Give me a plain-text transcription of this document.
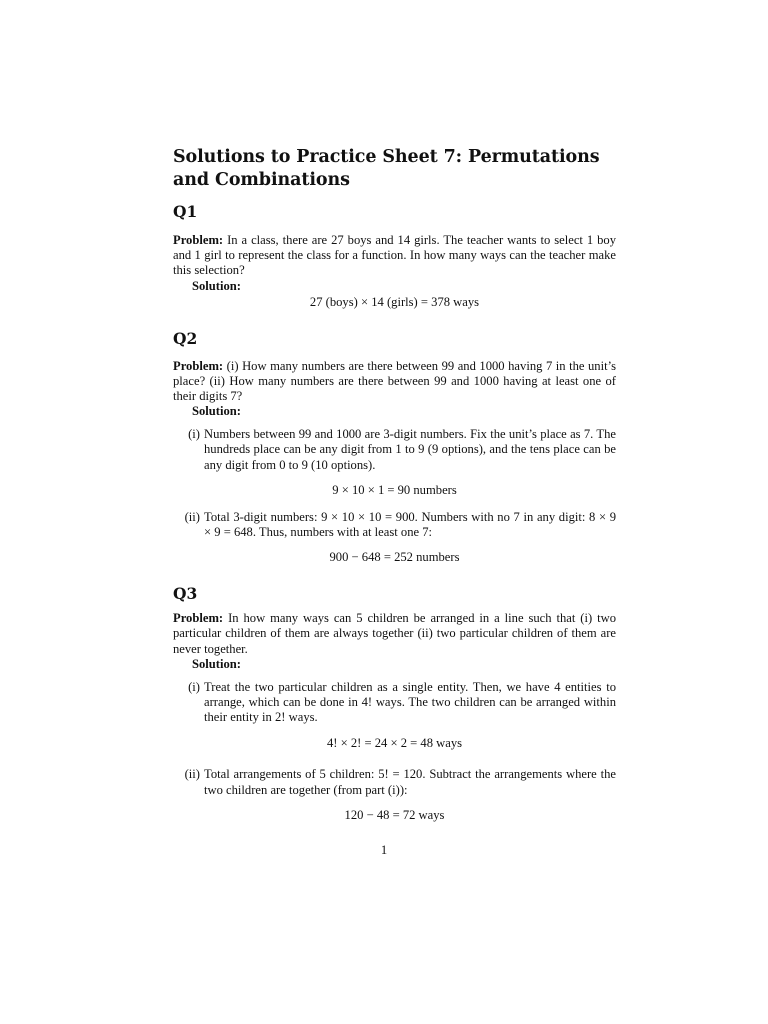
Solutions to Practice Sheet 7: Permutations and Combinations
Q1

Problem: In a class, there are 27 boys and 14 girls. The teacher wants to select 1 boy and 1 girl to represent the class for a function. In how many ways can the teacher make this selection?

Solution:
27 (boys) × 14 (girls) = 378 ways
Q2

Problem: (i) How many numbers are there between 99 and 1000 having 7 in the unit’s place? (ii) How many numbers are there between 99 and 1000 having at least one of their digits 7?

Solution:
(i) Numbers between 99 and 1000 are 3-digit numbers. Fix the unit’s place as 7. The hundreds place can be any digit from 1 to 9 (9 options), and the tens place can be any digit from 0 to 9 (10 options).
9 × 10 × 1 = 90 numbers
(ii) Total 3-digit numbers: 9 × 10 × 10 = 900. Numbers with no 7 in any digit: 8 × 9 × 9 = 648. Thus, numbers with at least one 7:
900 − 648 = 252 numbers
Q3

Problem: In how many ways can 5 children be arranged in a line such that (i) two particular children of them are always together (ii) two particular children of them are never together.

Solution:
(i) Treat the two particular children as a single entity. Then, we have 4 entities to arrange, which can be done in 4! ways. The two children can be arranged within their entity in 2! ways.
4! × 2! = 24 × 2 = 48 ways
(ii) Total arrangements of 5 children: 5! = 120. Subtract the arrangements where the two children are together (from part (i)):
120 − 48 = 72 ways
1
